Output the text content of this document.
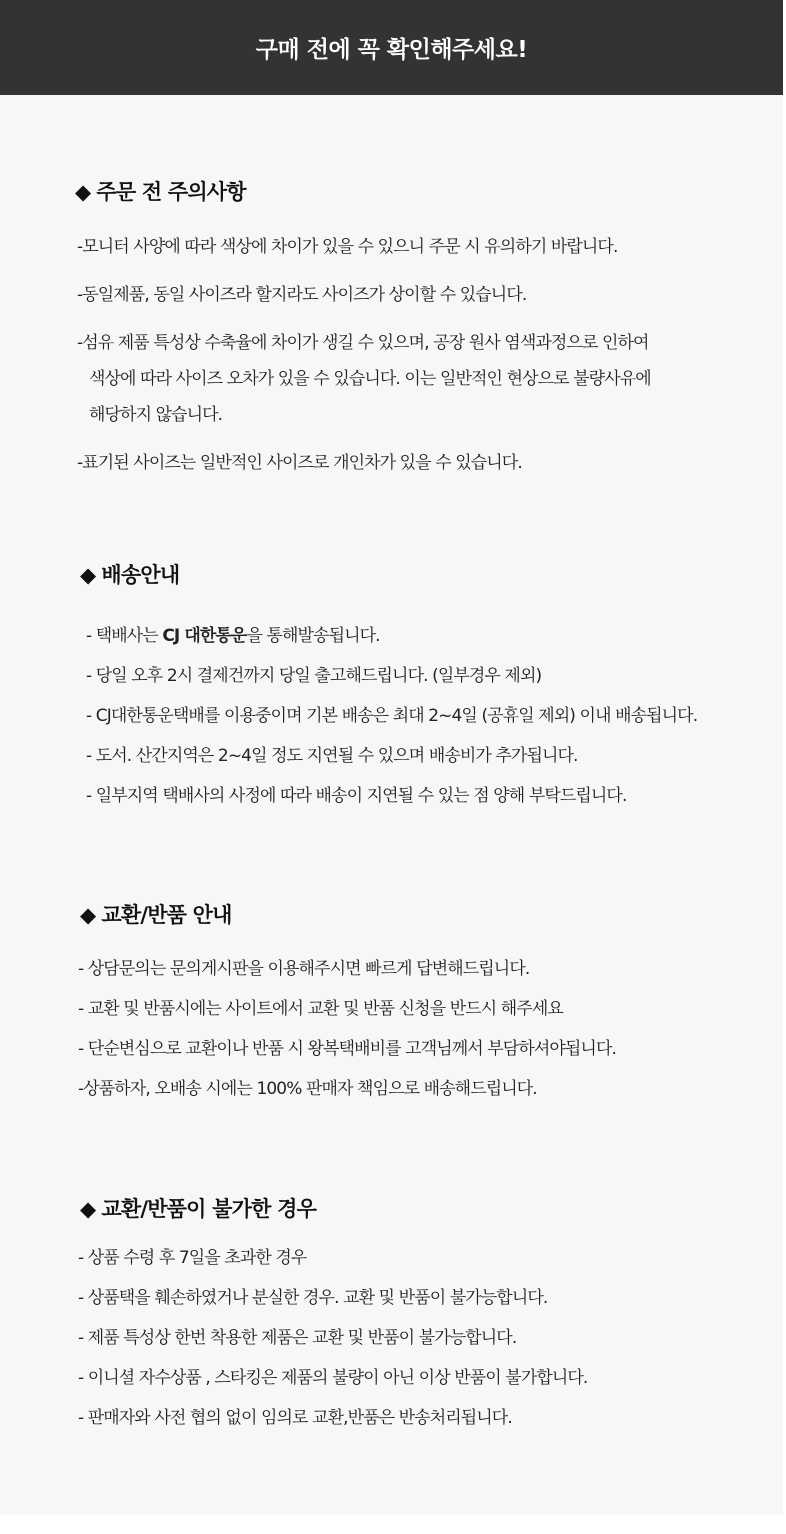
구매 전에 꼭 확인해주세요!
◆ 주문 전 주의사항
-모니터 사양에 따라 색상에 차이가 있을 수 있으니 주문 시 유의하기 바랍니다.
-동일제품, 동일 사이즈라 할지라도 사이즈가 상이할 수 있습니다.
-섬유 제품 특성상 수축율에 차이가 생길 수 있으며, 공장 원사 염색과정으로 인하여
색상에 따라 사이즈 오차가 있을 수 있습니다. 이는 일반적인 현상으로 불량사유에
해당하지 않습니다.
-표기된 사이즈는 일반적인 사이즈로 개인차가 있을 수 있습니다.
◆ 배송안내
- 택배사는 CJ 대한통운을 통해발송됩니다.
- 당일 오후 2시 결제건까지 당일 출고해드립니다. (일부경우 제외)
- CJ대한통운택배를 이용중이며 기본 배송은 최대 2~4일 (공휴일 제외) 이내 배송됩니다.
- 도서. 산간지역은 2~4일 정도 지연될 수 있으며 배송비가 추가됩니다.
- 일부지역 택배사의 사정에 따라 배송이 지연될 수 있는 점 양해 부탁드립니다.
◆ 교환/반품 안내
- 상담문의는 문의게시판을 이용해주시면 빠르게 답변해드립니다.
- 교환 및 반품시에는 사이트에서 교환 및 반품 신청을 반드시 해주세요
- 단순변심으로 교환이나 반품 시 왕복택배비를 고객님께서 부담하셔야됩니다.
-상품하자, 오배송 시에는 100% 판매자 책임으로 배송해드립니다.
◆ 교환/반품이 불가한 경우
- 상품 수령 후 7일을 초과한 경우
- 상품택을 훼손하였거나 분실한 경우. 교환 및 반품이 불가능합니다.
- 제품 특성상 한번 착용한 제품은 교환 및 반품이 불가능합니다.
- 이니셜 자수상품 , 스타킹은 제품의 불량이 아닌 이상 반품이 불가합니다.
- 판매자와 사전 협의 없이 임의로 교환,반품은 반송처리됩니다.
